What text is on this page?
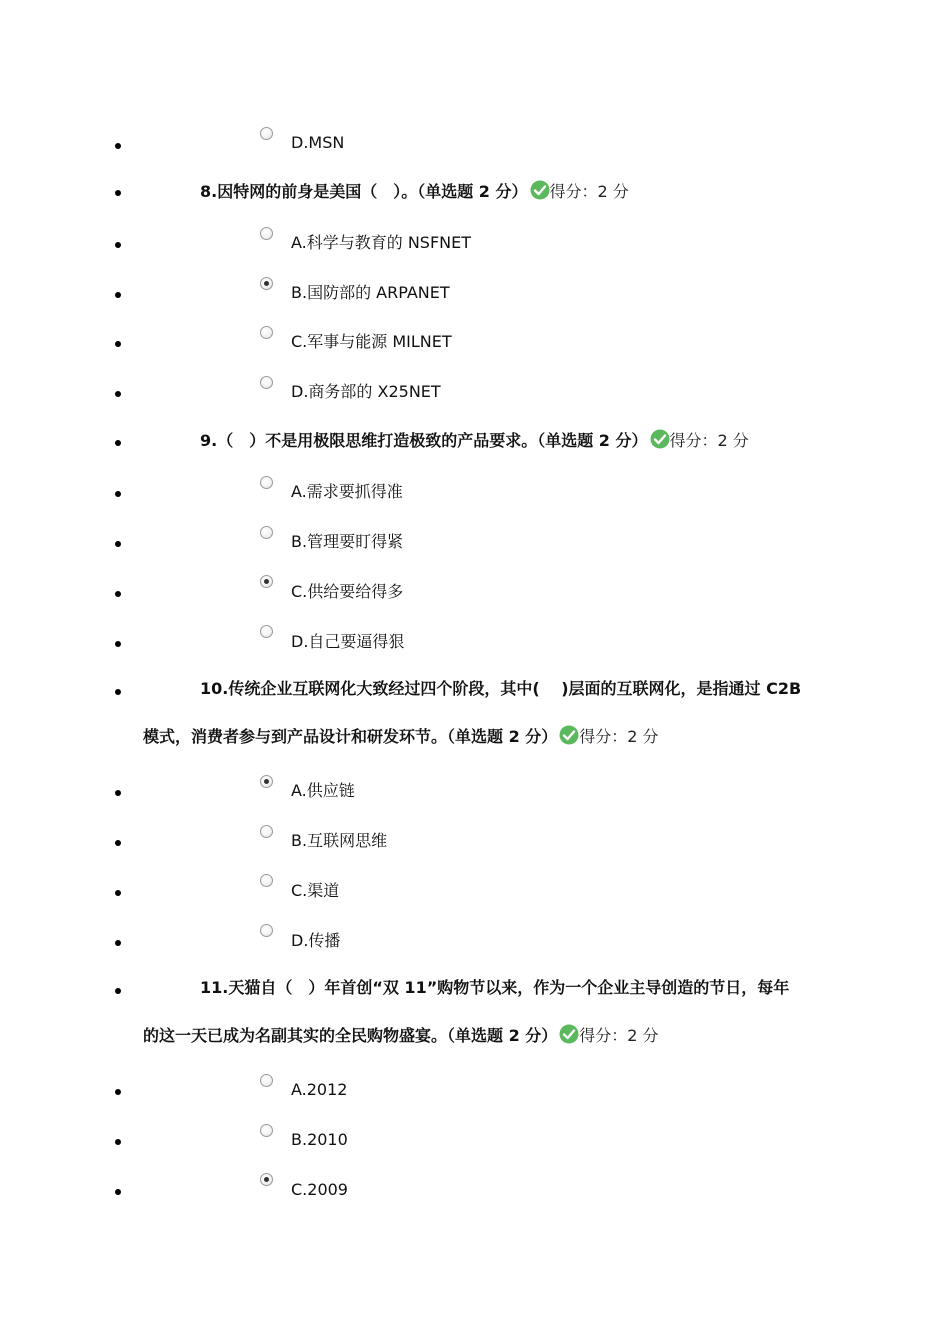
D.MSN
8.因特网的前身是美国（　）。（单选题 2 分） 得分：2 分
A.科学与教育的 NSFNET
B.国防部的 ARPANET
C.军事与能源 MILNET
D.商务部的 X25NET
9.（　）不是用极限思维打造极致的产品要求。（单选题 2 分） 得分：2 分
A.需求要抓得准
B.管理要盯得紧
C.供给要给得多
D.自己要逼得狠
10.传统企业互联网化大致经过四个阶段，其中(　 )层面的互联网化，是指通过 C2B
模式，消费者参与到产品设计和研发环节。（单选题 2 分） 得分：2 分
A.供应链
B.互联网思维
C.渠道
D.传播
11.天猫自（　）年首创“双 11”购物节以来，作为一个企业主导创造的节日，每年
的这一天已成为名副其实的全民购物盛宴。（单选题 2 分） 得分：2 分
A.2012
B.2010
C.2009
